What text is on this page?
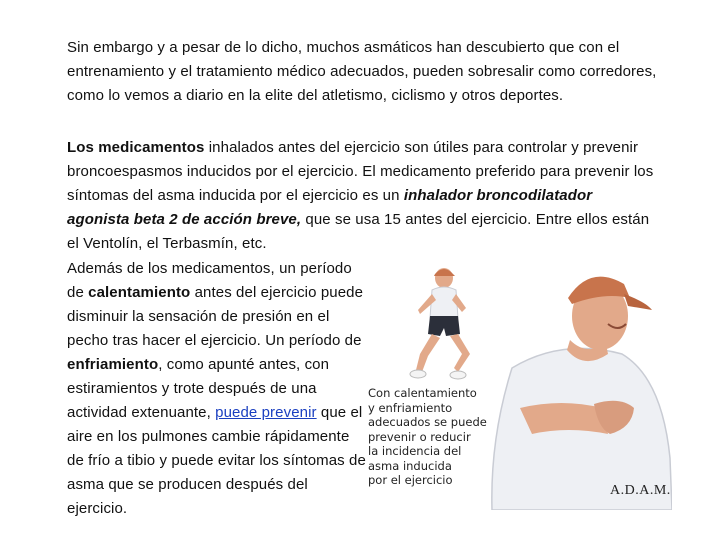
Sin embargo y a pesar de lo dicho, muchos asmáticos han descubierto que con el entrenamiento y el tratamiento médico adecuados, pueden sobresalir como corredores, como lo vemos a diario en la elite del atletismo, ciclismo y otros deportes.

Los medicamentos inhalados antes del ejercicio son útiles para controlar y prevenir broncoespasmos inducidos por el ejercicio. El medicamento preferido para prevenir los síntomas del asma inducida por el ejercicio es un inhalador broncodilatador agonista beta 2 de acción breve, que se usa 15 antes del ejercicio. Entre ellos están el Ventolín, el Terbasmín, etc.

Además de los medicamentos, un período de calentamiento antes del ejercicio puede disminuir la sensación de presión en el pecho tras hacer el ejercicio. Un período de enfriamiento, como apunté antes, con estiramientos y trote después de una actividad extenuante, puede prevenir que el aire en los pulmones cambie rápidamente de frío a tibio y puede evitar los síntomas de asma que se producen después del ejercicio.

Con calentamiento
y enfriamiento
adecuados se puede
prevenir o reducir
la incidencia del
asma inducida
por el ejercicio
A.D.A.M.
